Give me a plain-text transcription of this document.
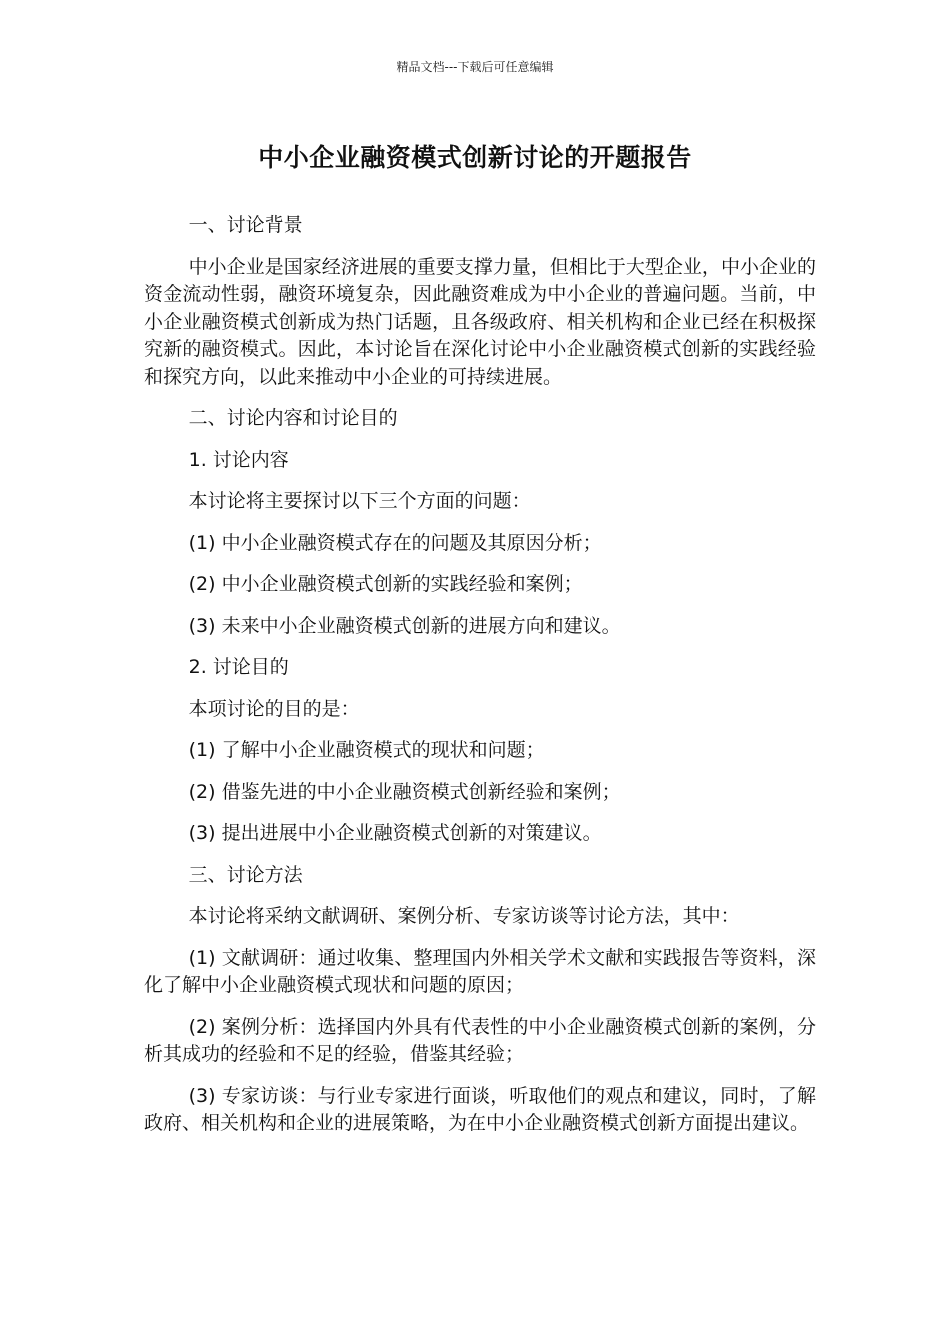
精品文档---下载后可任意编辑
中小企业融资模式创新讨论的开题报告

一、讨论背景

中小企业是国家经济进展的重要支撑力量，但相比于大型企业，中小企业的资金流动性弱，融资环境复杂，因此融资难成为中小企业的普遍问题。当前，中小企业融资模式创新成为热门话题，且各级政府、相关机构和企业已经在积极探究新的融资模式。因此，本讨论旨在深化讨论中小企业融资模式创新的实践经验和探究方向，以此来推动中小企业的可持续进展。

二、讨论内容和讨论目的

1. 讨论内容

本讨论将主要探讨以下三个方面的问题：

(1) 中小企业融资模式存在的问题及其原因分析；

(2) 中小企业融资模式创新的实践经验和案例；

(3) 未来中小企业融资模式创新的进展方向和建议。

2. 讨论目的

本项讨论的目的是：

(1) 了解中小企业融资模式的现状和问题；

(2) 借鉴先进的中小企业融资模式创新经验和案例；

(3) 提出进展中小企业融资模式创新的对策建议。

三、讨论方法

本讨论将采纳文献调研、案例分析、专家访谈等讨论方法，其中：

(1) 文献调研：通过收集、整理国内外相关学术文献和实践报告等资料，深化了解中小企业融资模式现状和问题的原因；

(2) 案例分析：选择国内外具有代表性的中小企业融资模式创新的案例，分析其成功的经验和不足的经验，借鉴其经验；

(3) 专家访谈：与行业专家进行面谈，听取他们的观点和建议，同时，了解政府、相关机构和企业的进展策略，为在中小企业融资模式创新方面提出建议。
